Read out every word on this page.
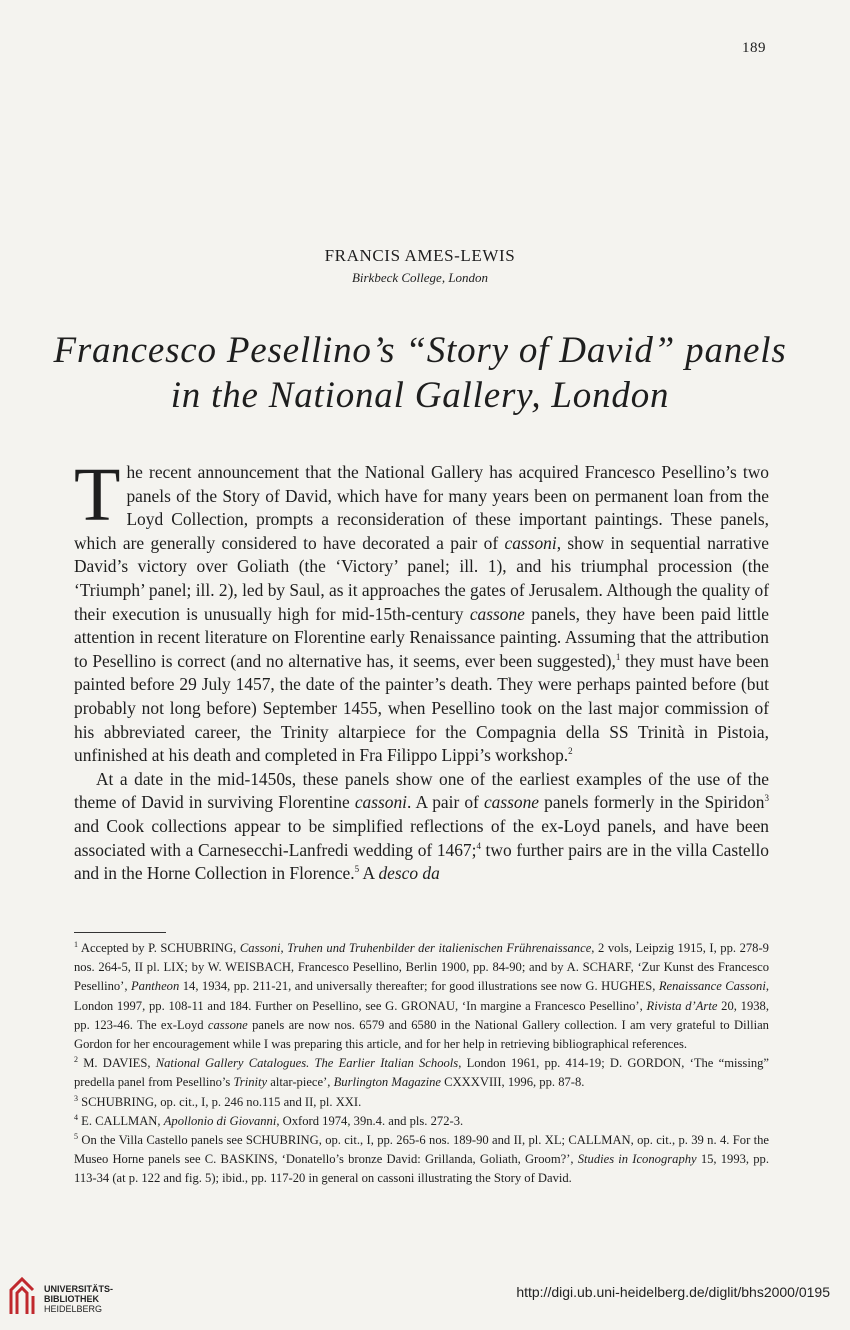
189
FRANCIS AMES-LEWIS
Birkbeck College, London
Francesco Pesellino’s “Story of David” panels
in the National Gallery, London

The recent announcement that the National Gallery has acquired Francesco Pesellino’s two panels of the Story of David, which have for many years been on permanent loan from the Loyd Collection, prompts a reconsideration of these important paintings. These panels, which are generally considered to have decorated a pair of cassoni, show in sequential narrative David’s victory over Goliath (the ‘Victory’ panel; ill. 1), and his triumphal procession (the ‘Triumph’ panel; ill. 2), led by Saul, as it approaches the gates of Jerusalem. Although the quality of their execution is unusually high for mid-15th-century cassone panels, they have been paid little attention in recent literature on Florentine early Renaissance painting. Assuming that the attribution to Pesellino is correct (and no alternative has, it seems, ever been suggested),$^1$ they must have been painted before 29 July 1457, the date of the painter’s death. They were perhaps painted before (but probably not long before) September 1455, when Pesellino took on the last major commission of his abbreviated career, the Trinity altarpiece for the Compagnia della SS Trinità in Pistoia, unfinished at his death and completed in Fra Filippo Lippi’s workshop.$^2$

At a date in the mid-1450s, these panels show one of the earliest examples of the use of the theme of David in surviving Florentine cassoni. A pair of cassone panels formerly in the Spiridon$^3$ and Cook collections appear to be simplified reflections of the ex-Loyd panels, and have been associated with a Carnesecchi-Lanfredi wedding of 1467;$^4$ two further pairs are in the villa Castello and in the Horne Collection in Florence.$^5$ A desco da

$^1$ Accepted by P. SCHUBRING, Cassoni, Truhen und Truhenbilder der italienischen Frührenaissance, 2 vols, Leipzig 1915, I, pp. 278-9 nos. 264-5, II pl. LIX; by W. WEISBACH, Francesco Pesellino, Berlin 1900, pp. 84-90; and by A. SCHARF, ‘Zur Kunst des Francesco Pesellino’, Pantheon 14, 1934, pp. 211-21, and universally thereafter; for good illustrations see now G. HUGHES, Renaissance Cassoni, London 1997, pp. 108-11 and 184. Further on Pesellino, see G. GRONAU, ‘In margine a Francesco Pesellino’, Rivista d’Arte 20, 1938, pp. 123-46. The ex-Loyd cassone panels are now nos. 6579 and 6580 in the National Gallery collection. I am very grateful to Dillian Gordon for her encouragement while I was preparing this article, and for her help in retrieving bibliographical references.

$^2$ M. DAVIES, National Gallery Catalogues. The Earlier Italian Schools, London 1961, pp. 414-19; D. GORDON, ‘The “missing” predella panel from Pesellino’s Trinity altar-piece’, Burlington Magazine CXXXVIII, 1996, pp. 87-8.

$^3$ SCHUBRING, op. cit., I, p. 246 no.115 and II, pl. XXI.

$^4$ E. CALLMAN, Apollonio di Giovanni, Oxford 1974, 39n.4. and pls. 272-3.

$^5$ On the Villa Castello panels see SCHUBRING, op. cit., I, pp. 265-6 nos. 189-90 and II, pl. XL; CALLMAN, op. cit., p. 39 n. 4. For the Museo Horne panels see C. BASKINS, ‘Donatello’s bronze David: Grillanda, Goliath, Groom?’, Studies in Iconography 15, 1993, pp. 113-34 (at p. 122 and fig. 5); ibid., pp. 117-20 in general on cassoni illustrating the Story of David.

UNIVERSITÄTS-
BIBLIOTHEK
HEIDELBERG
http://digi.ub.uni-heidelberg.de/diglit/bhs2000/0195
